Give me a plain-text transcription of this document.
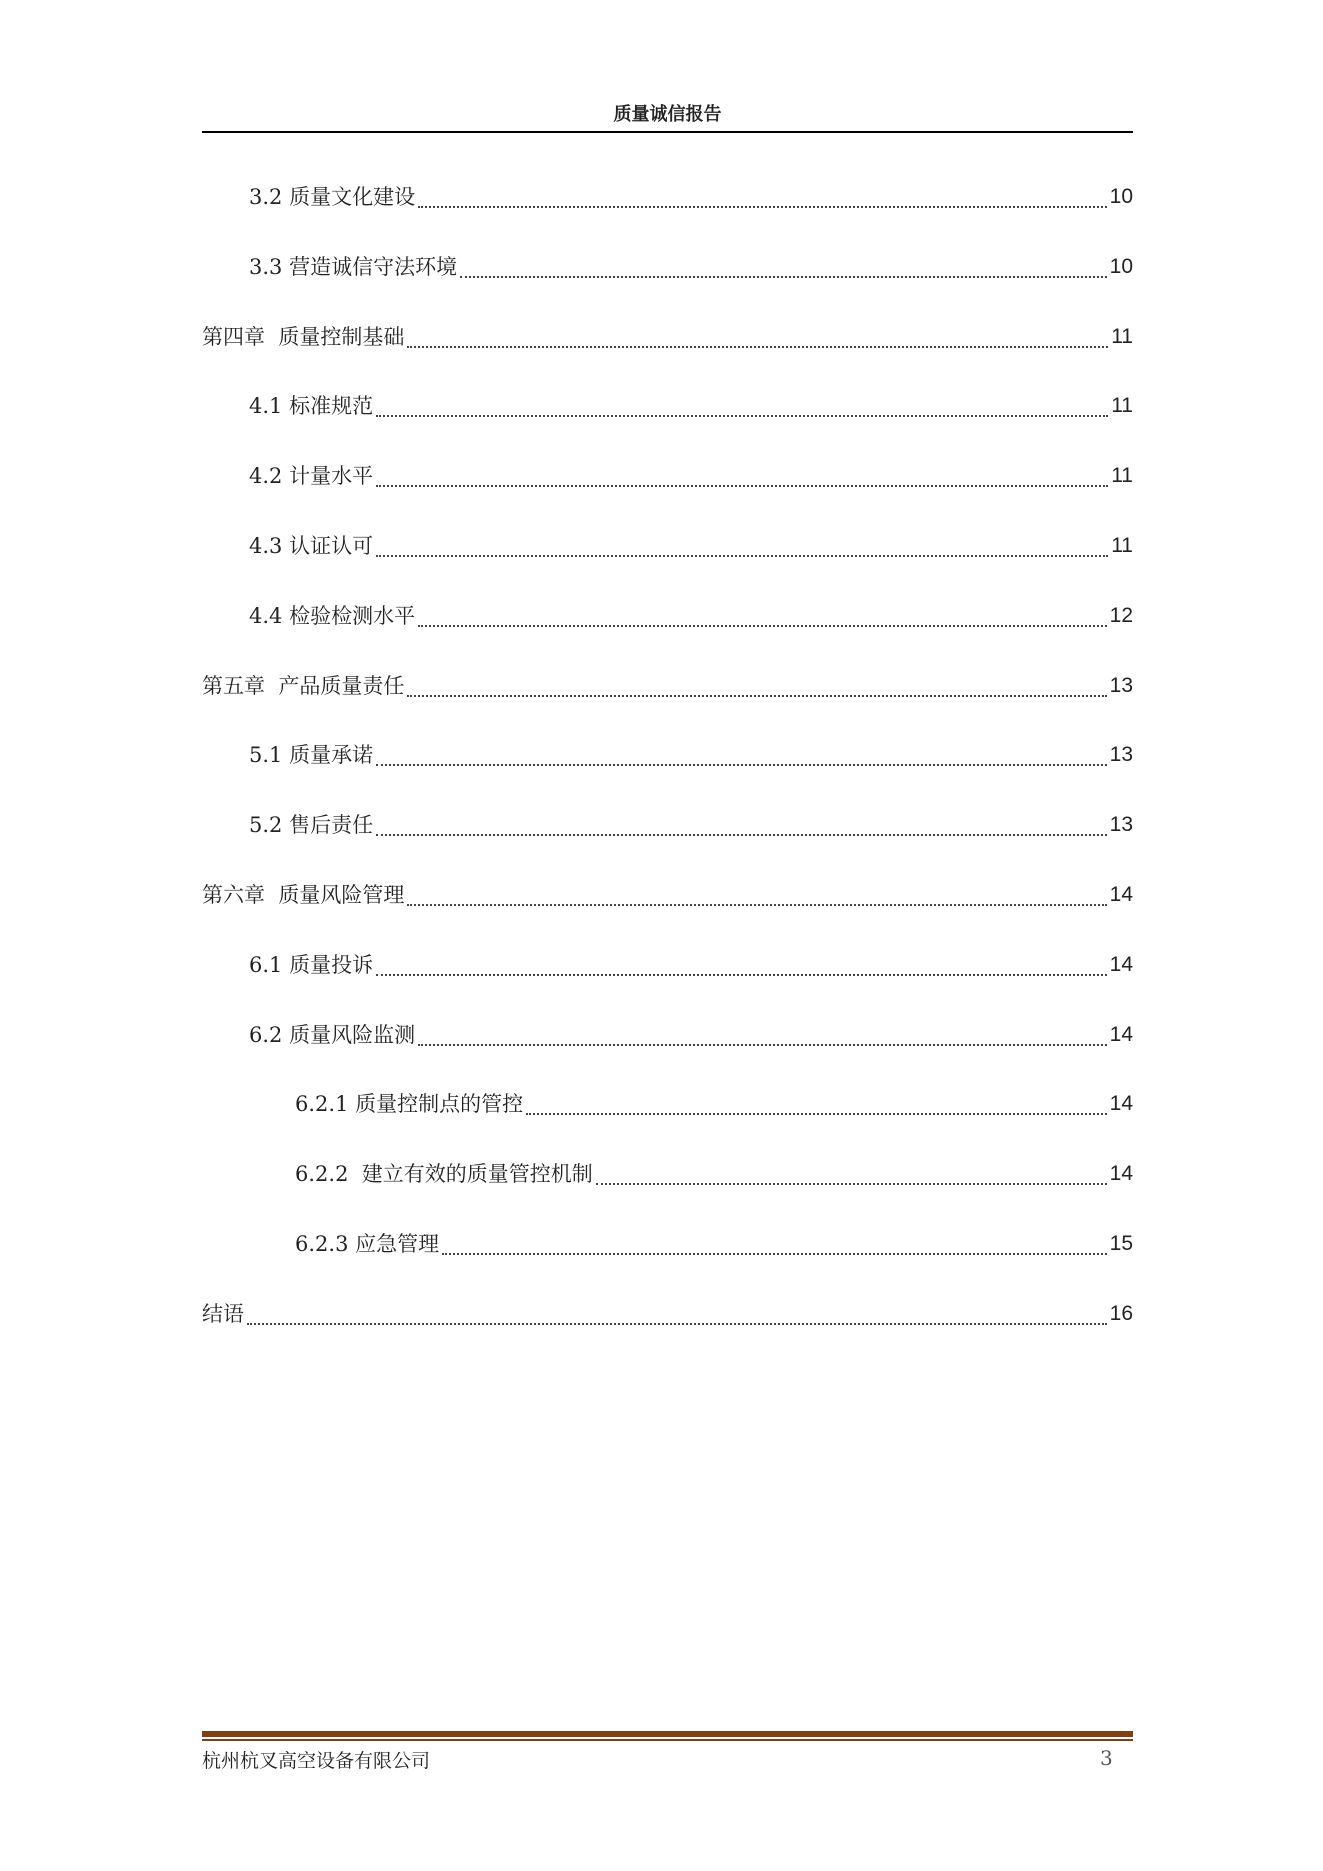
质量诚信报告
3.2 质量文化建设	10
3.3 营造诚信守法环境	10
第四章  质量控制基础	11
4.1 标准规范	11
4.2 计量水平	11
4.3 认证认可	11
4.4 检验检测水平	12
第五章  产品质量责任	13
5.1 质量承诺	13
5.2 售后责任	13
第六章  质量风险管理	14
6.1 质量投诉	14
6.2 质量风险监测	14
6.2.1 质量控制点的管控	14
6.2.2  建立有效的质量管控机制	14
6.2.3 应急管理	15
结语	16
杭州杭叉高空设备有限公司	3
